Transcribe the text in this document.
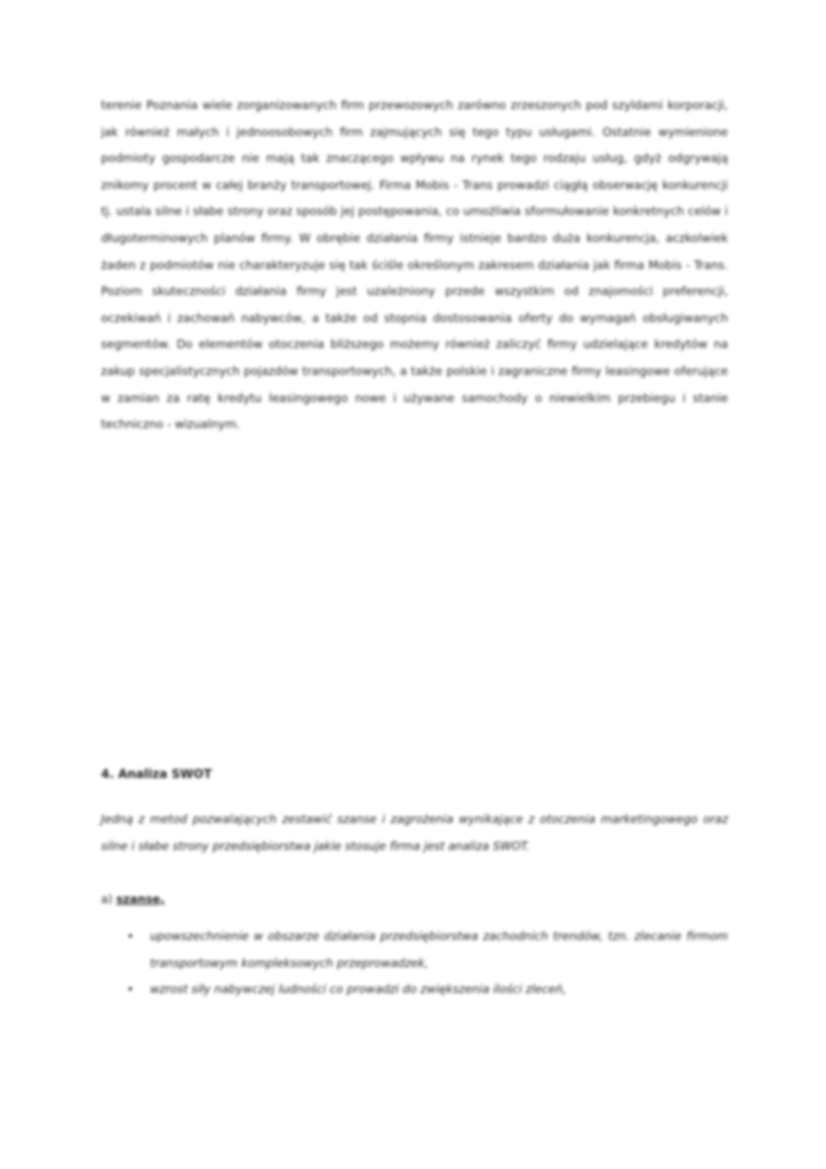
terenie Poznania wiele zorganizowanych firm przewozowych zarówno zrzeszonych pod szyldami korporacji, jak również małych i jednoosobowych firm zajmujących się tego typu usługami. Ostatnie wymienione podmioty gospodarcze nie mają tak znaczącego wpływu na rynek tego rodzaju usług, gdyż odgrywają znikomy procent w całej branży transportowej. Firma Mobis - Trans prowadzi ciągłą obserwację konkurencji tj. ustala silne i słabe strony oraz sposób jej postępowania, co umożliwia sformułowanie konkretnych celów i długoterminowych planów firmy. W obrębie działania firmy istnieje bardzo duża konkurencja, aczkolwiek żaden z podmiotów nie charakteryzuje się tak ściśle określonym zakresem działania jak firma Mobis - Trans. Poziom skuteczności działania firmy jest uzależniony przede wszystkim od znajomości preferencji, oczekiwań i zachowań nabywców, a także od stopnia dostosowania oferty do wymagań obsługiwanych segmentów. Do elementów otoczenia bliższego możemy również zaliczyć firmy udzielające kredytów na zakup specjalistycznych pojazdów transportowych, a także polskie i zagraniczne firmy leasingowe oferujące w zamian za ratę kredytu leasingowego nowe i używane samochody o niewielkim przebiegu i stanie techniczno - wizualnym.

4. Analiza SWOT

Jedną z metod pozwalających zestawić szanse i zagrożenia wynikające z otoczenia marketingowego oraz silne i słabe strony przedsiębiorstwa jakie stosuje firma jest analiza SWOT.

a) szanse,

• upowszechnienie w obszarze działania przedsiębiorstwa zachodnich trendów, tzn. zlecanie firmom transportowym kompleksowych przeprowadzek,
• wzrost siły nabywczej ludności co prowadzi do zwiększenia ilości zleceń,
